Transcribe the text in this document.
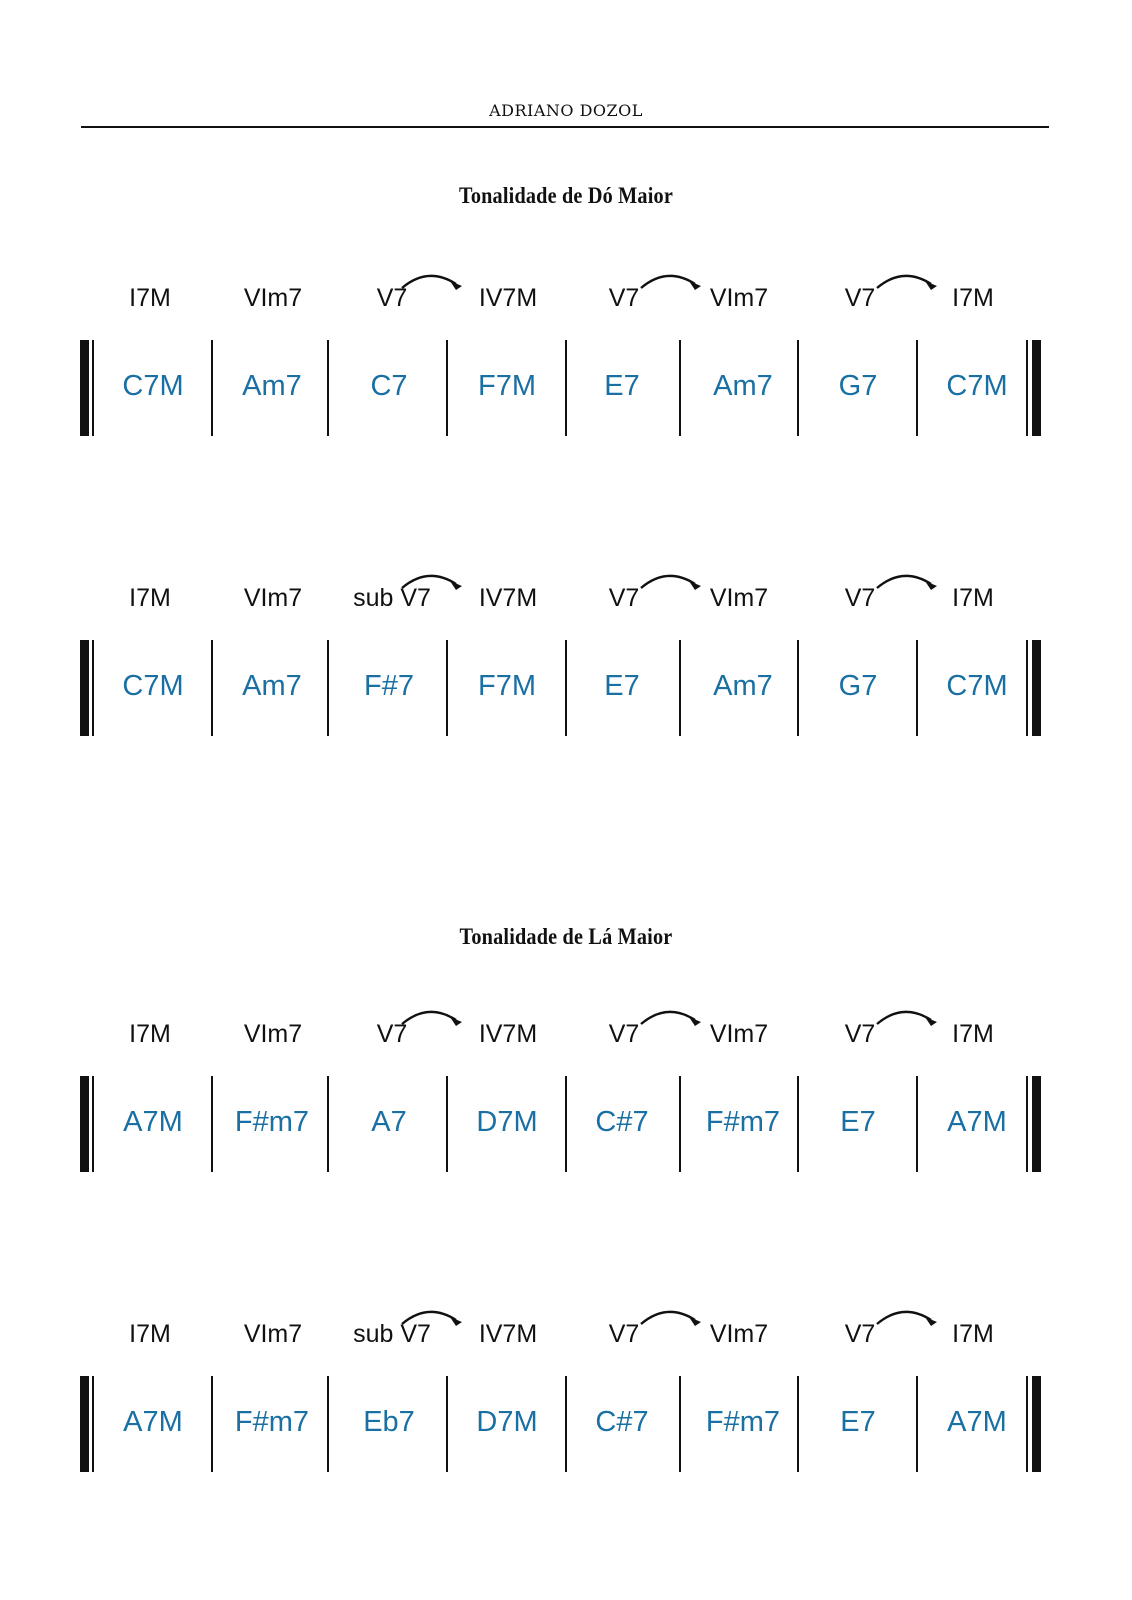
ADRIANO DOZOL
Tonalidade de Dó Maior
I7M	VIm7	V7	IV7M	V7	VIm7	V7	I7M
C7M	Am7	C7	F7M	E7	Am7	G7	C7M
I7M	VIm7	sub V7	IV7M	V7	VIm7	V7	I7M
C7M	Am7	F#7	F7M	E7	Am7	G7	C7M
Tonalidade de Lá Maior
I7M	VIm7	V7	IV7M	V7	VIm7	V7	I7M
A7M	F#m7	A7	D7M	C#7	F#m7	E7	A7M
I7M	VIm7	sub V7	IV7M	V7	VIm7	V7	I7M
A7M	F#m7	Eb7	D7M	C#7	F#m7	E7	A7M
